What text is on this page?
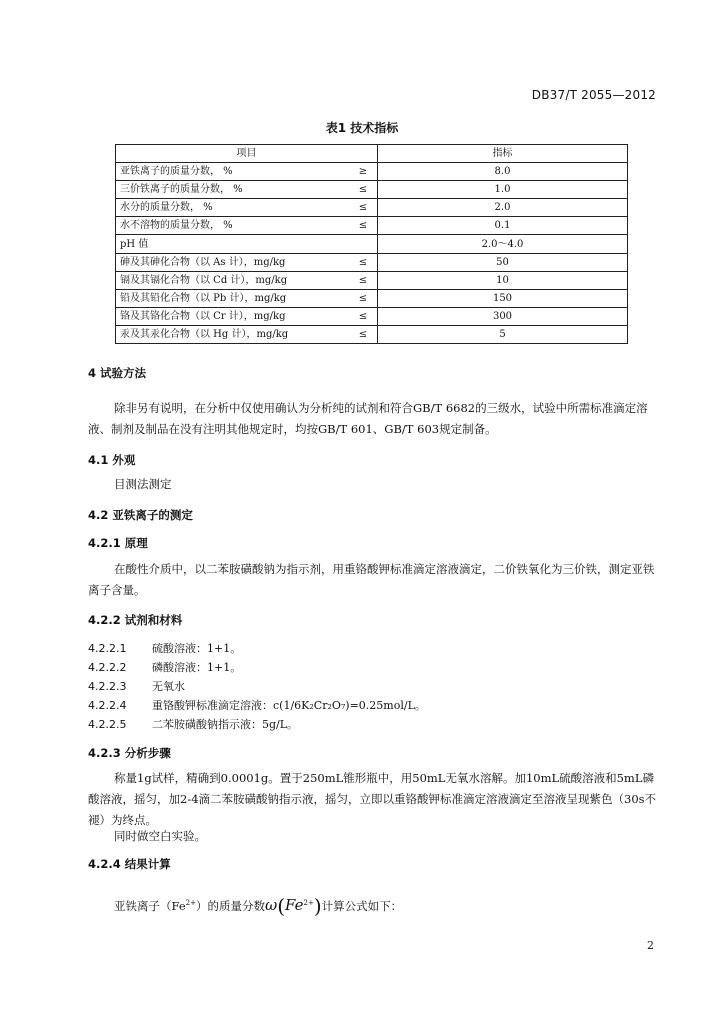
DB37/T 2055—2012
表1 技术指标
项目		指标
亚铁离子的质量分数， %	≥	8.0
三价铁离子的质量分数， %	≤	1.0
水分的质量分数， %	≤	2.0
水不溶物的质量分数， %	≤	0.1
pH 值		2.0～4.0
砷及其砷化合物（以 As 计），mg/kg	≤	50
镉及其镉化合物（以 Cd 计），mg/kg	≤	10
铅及其铅化合物（以 Pb 计），mg/kg	≤	150
铬及其铬化合物（以 Cr 计），mg/kg	≤	300
汞及其汞化合物（以 Hg 计），mg/kg	≤	5
4 试验方法
除非另有说明，在分析中仅使用确认为分析纯的试剂和符合GB/T 6682的三级水，试验中所需标准滴定溶液、制剂及制品在没有注明其他规定时，均按GB/T 601、GB/T 603规定制备。
4.1 外观
目测法测定
4.2 亚铁离子的测定
4.2.1 原理
在酸性介质中，以二苯胺磺酸钠为指示剂，用重铬酸钾标准滴定溶液滴定，二价铁氧化为三价铁，测定亚铁离子含量。
4.2.2 试剂和材料
4.2.2.1 硫酸溶液：1+1。
4.2.2.2 磷酸溶液：1+1。
4.2.2.3 无氧水
4.2.2.4 重铬酸钾标准滴定溶液：c(1/6K₂Cr₂O₇)=0.25mol/L。
4.2.2.5 二苯胺磺酸钠指示液：5g/L。
4.2.3 分析步骤
称量1g试样，精确到0.0001g。置于250mL锥形瓶中，用50mL无氧水溶解。加10mL硫酸溶液和5mL磷酸溶液，摇匀，加2-4滴二苯胺磺酸钠指示液，摇匀，立即以重铬酸钾标准滴定溶液滴定至溶液呈现紫色（30s不褪）为终点。
同时做空白实验。
4.2.4 结果计算
亚铁离子$(Fe^{2+})$的质量分数$\omega(Fe^{2+})$计算公式如下：
2
